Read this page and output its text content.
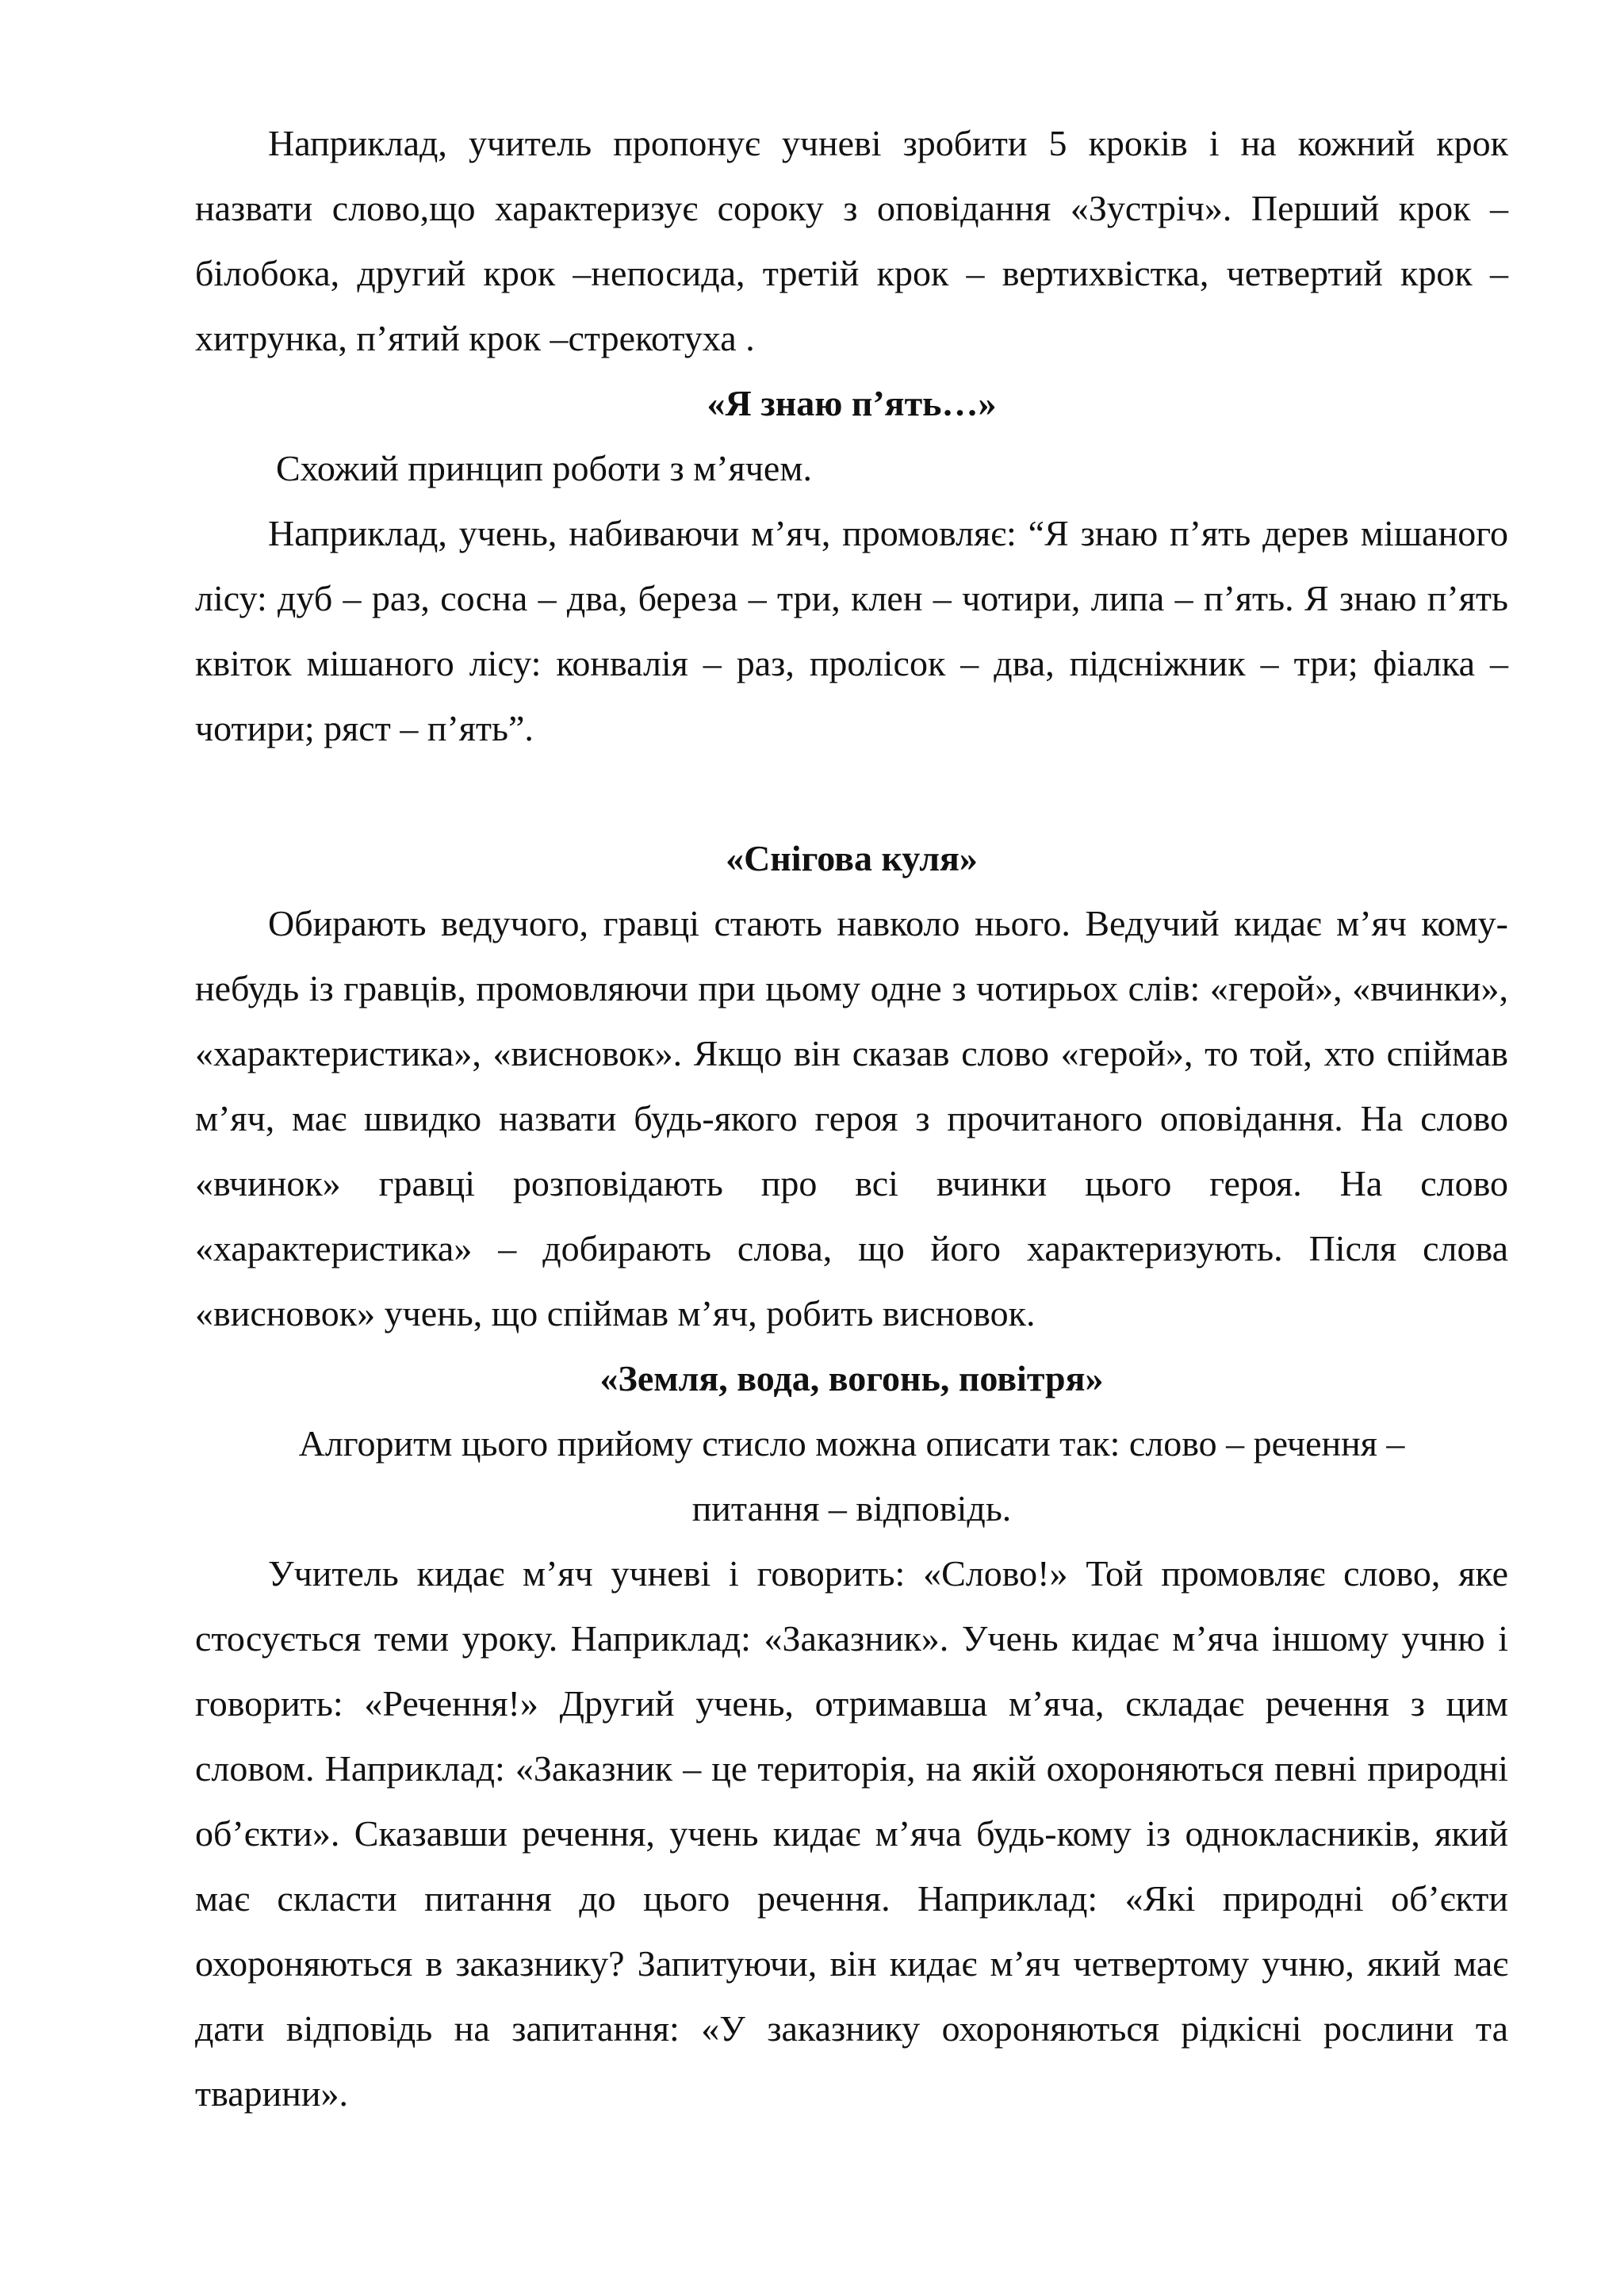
Наприклад, учитель пропонує учневі зробити 5 кроків і на кожний крок назвати слово,що характеризує сороку з оповідання «Зустріч». Перший крок – білобока, другий крок –непосида, третій крок – вертихвістка, четвертий крок – хитрунка, п’ятий крок –стрекотуха .

«Я знаю п’ять…»

Схожий принцип роботи з м’ячем.

Наприклад, учень, набиваючи м’яч, промовляє: “Я знаю п’ять дерев мішаного лісу: дуб – раз, сосна – два, береза – три, клен – чотири, липа – п’ять. Я знаю п’ять квіток мішаного лісу: конвалія – раз, пролісок – два, підсніжник – три; фіалка – чотири; ряст – п’ять”.

«Снігова куля»

Обирають ведучого, гравці стають навколо нього. Ведучий кидає м’яч кому-небудь із гравців, промовляючи при цьому одне з чотирьох слів: «герой», «вчинки», «характеристика», «висновок». Якщо він сказав слово «герой», то той, хто спіймав м’яч, має швидко назвати будь-якого героя з прочитаного оповідання. На слово «вчинок» гравці розповідають про всі вчинки цього героя. На слово «характеристика» – добирають слова, що його характеризують. Після слова «висновок» учень, що спіймав м’яч, робить висновок.

«Земля, вода, вогонь, повітря»

Алгоритм цього прийому стисло можна описати так: слово – речення –

питання – відповідь.

Учитель кидає м’яч учневі і говорить: «Слово!» Той промовляє слово, яке стосується теми уроку. Наприклад: «Заказник». Учень кидає м’яча іншому учню і говорить: «Речення!» Другий учень, отримавша м’яча, складає речення з цим словом. Наприклад: «Заказник – це територія, на якій охороняються певні природні об’єкти». Сказавши речення, учень кидає м’яча будь-кому із однокласників, який має скласти питання до цього речення. Наприклад: «Які природні об’єкти охороняються в заказнику? Запитуючи, він кидає м’яч четвертому учню, який має дати відповідь на запитання: «У заказнику охороняються рідкісні рослини та тварини».
